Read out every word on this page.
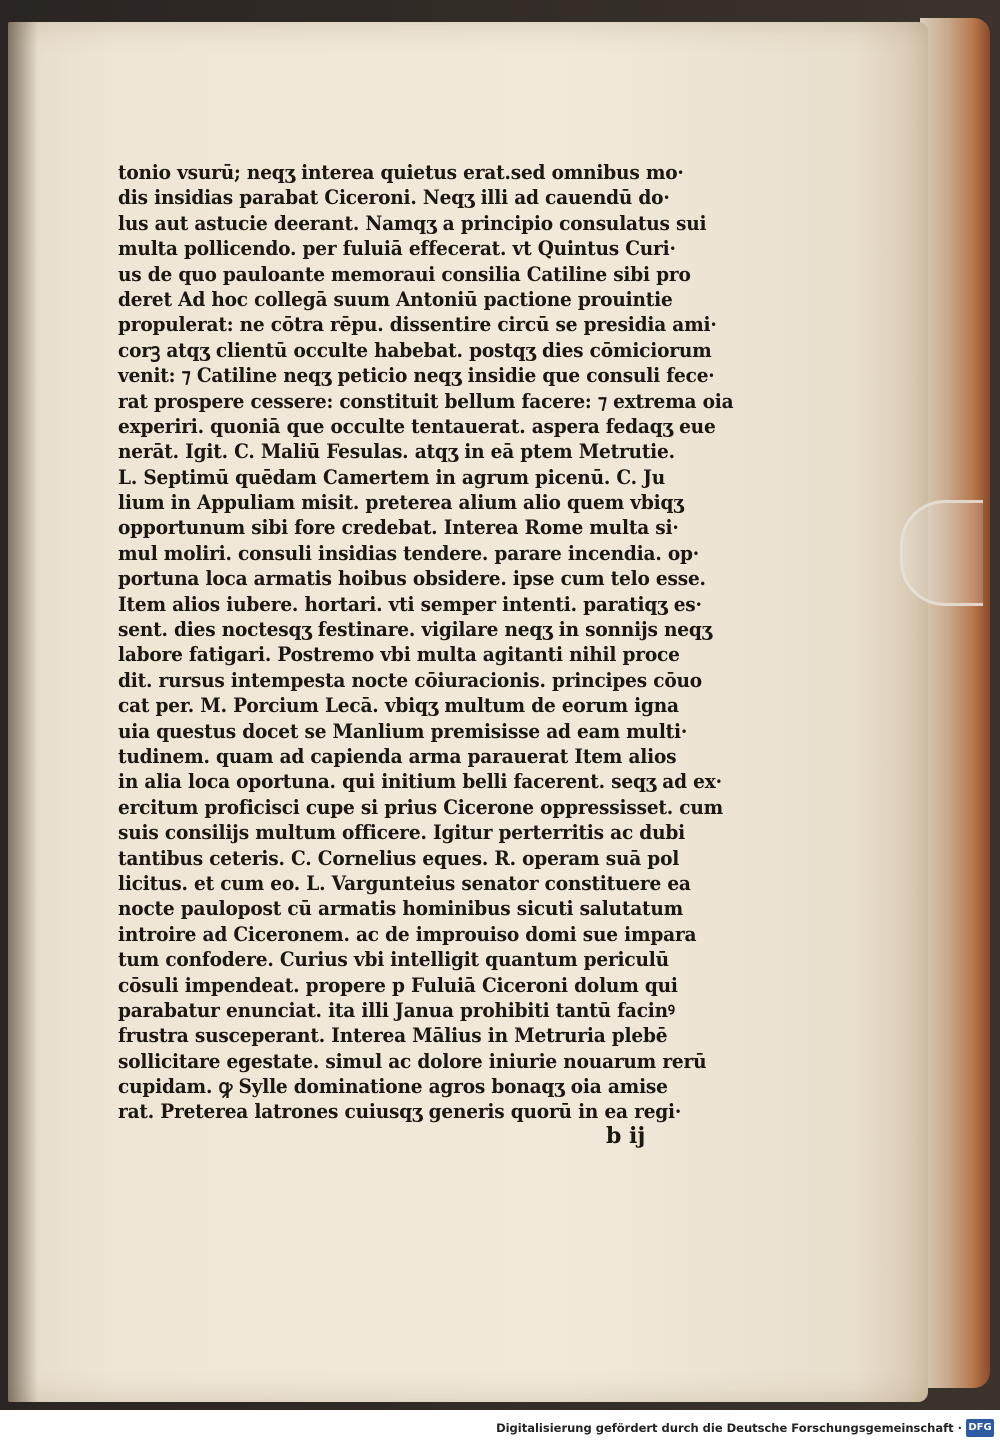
tonio vsurū; neqʒ interea quietus erat.sed omnibus mo·
dis insidias parabat Ciceroni. Neqʒ illi ad cauendū do·
lus aut astucie deerant. Namqʒ a principio consulatus sui
multa pollicendo. per fuluiā effecerat. vt Quintus Curi·
us de quo pauloante memoraui consilia Catiline sibi pro
deret Ad hoc collegā suum Antoniū pactione prouintie
propulerat: ne cōtra rēpu. dissentire circū se presidia ami·
corꝫ atqʒ clientū occulte habebat. postqʒ dies cōmiciorum
venit: ⁊ Catiline neqʒ peticio neqʒ insidie que consuli fece·
rat prospere cessere: constituit bellum facere: ⁊ extrema oia
experiri. quoniā que occulte tentauerat. aspera fedaqʒ eue
nerāt. Igit. C. Maliū Fesulas. atqʒ in eā ptem Metrutie.
L. Septimū quēdam Camertem in agrum picenū. C. Ju
lium in Appuliam misit. preterea alium alio quem vbiqʒ
opportunum sibi fore credebat. Interea Rome multa si·
mul moliri. consuli insidias tendere. parare incendia. op·
portuna loca armatis hoibus obsidere. ipse cum telo esse.
Item alios iubere. hortari. vti semper intenti. paratiqʒ es·
sent. dies noctesqʒ festinare. vigilare neqʒ in sonnijs neqʒ
labore fatigari. Postremo vbi multa agitanti nihil proce
dit. rursus intempesta nocte cōiuracionis. principes cōuo
cat per. M. Porcium Lecā. vbiqʒ multum de eorum igna
uia questus docet se Manlium premisisse ad eam multi·
tudinem. quam ad capienda arma parauerat Item alios
in alia loca oportuna. qui initium belli facerent. seqʒ ad ex·
ercitum proficisci cupe si prius Cicerone oppressisset. cum
suis consilijs multum officere. Igitur perterritis ac dubi
tantibus ceteris. C. Cornelius eques. R. operam suā pol
licitus. et cum eo. L. Vargunteius senator constituere ea
nocte paulopost cū armatis hominibus sicuti salutatum
introire ad Ciceronem. ac de improuiso domi sue impara
tum confodere. Curius vbi intelligit quantum periculū
cōsuli impendeat. propere p Fuluiā Ciceroni dolum qui
parabatur enunciat. ita illi Janua prohibiti tantū facinꝰ
frustra susceperant. Interea Mālius in Metruria plebē
sollicitare egestate. simul ac dolore iniurie nouarum rerū
cupidam. ꝙ Sylle dominatione agros bonaqʒ oia amise
rat. Preterea latrones cuiusqʒ generis quorū in ea regi·
b ij
Digitalisierung gefördert durch die Deutsche Forschungsgemeinschaft · DFG
